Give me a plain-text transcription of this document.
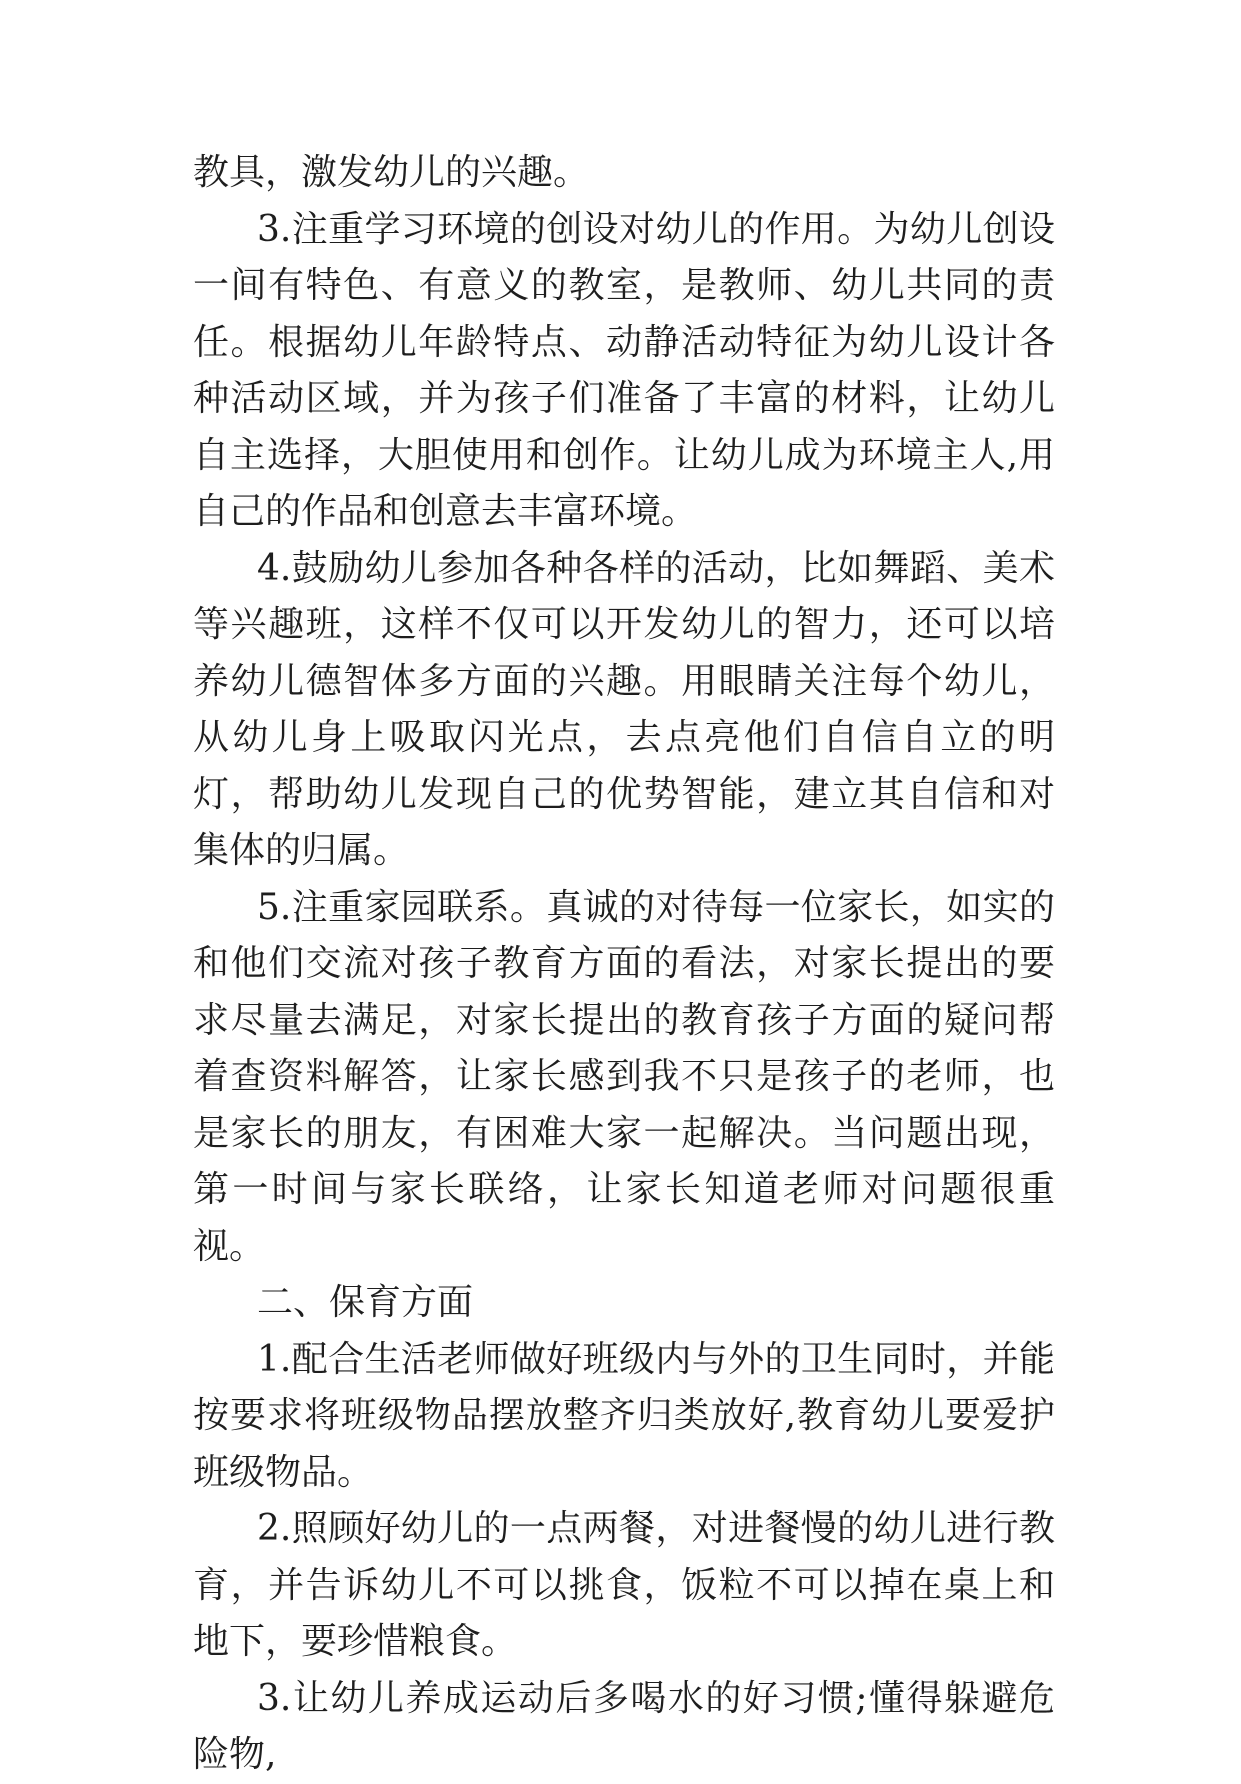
教具，激发幼儿的兴趣。

3.注重学习环境的创设对幼儿的作用。为幼儿创设一间有特色、有意义的教室，是教师、幼儿共同的责任。根据幼儿年龄特点、动静活动特征为幼儿设计各种活动区域，并为孩子们准备了丰富的材料，让幼儿自主选择，大胆使用和创作。让幼儿成为环境主人,用自己的作品和创意去丰富环境。

4.鼓励幼儿参加各种各样的活动，比如舞蹈、美术等兴趣班，这样不仅可以开发幼儿的智力，还可以培养幼儿德智体多方面的兴趣。用眼睛关注每个幼儿，从幼儿身上吸取闪光点，去点亮他们自信自立的明灯，帮助幼儿发现自己的优势智能，建立其自信和对集体的归属。

5.注重家园联系。真诚的对待每一位家长，如实的和他们交流对孩子教育方面的看法，对家长提出的要求尽量去满足，对家长提出的教育孩子方面的疑问帮着查资料解答，让家长感到我不只是孩子的老师，也是家长的朋友，有困难大家一起解决。当问题出现，第一时间与家长联络，让家长知道老师对问题很重视。

二、保育方面

1.配合生活老师做好班级内与外的卫生同时，并能按要求将班级物品摆放整齐归类放好,教育幼儿要爱护班级物品。

2.照顾好幼儿的一点两餐，对进餐慢的幼儿进行教育，并告诉幼儿不可以挑食，饭粒不可以掉在桌上和地下，要珍惜粮食。

3.让幼儿养成运动后多喝水的好习惯;懂得躲避危险物,
